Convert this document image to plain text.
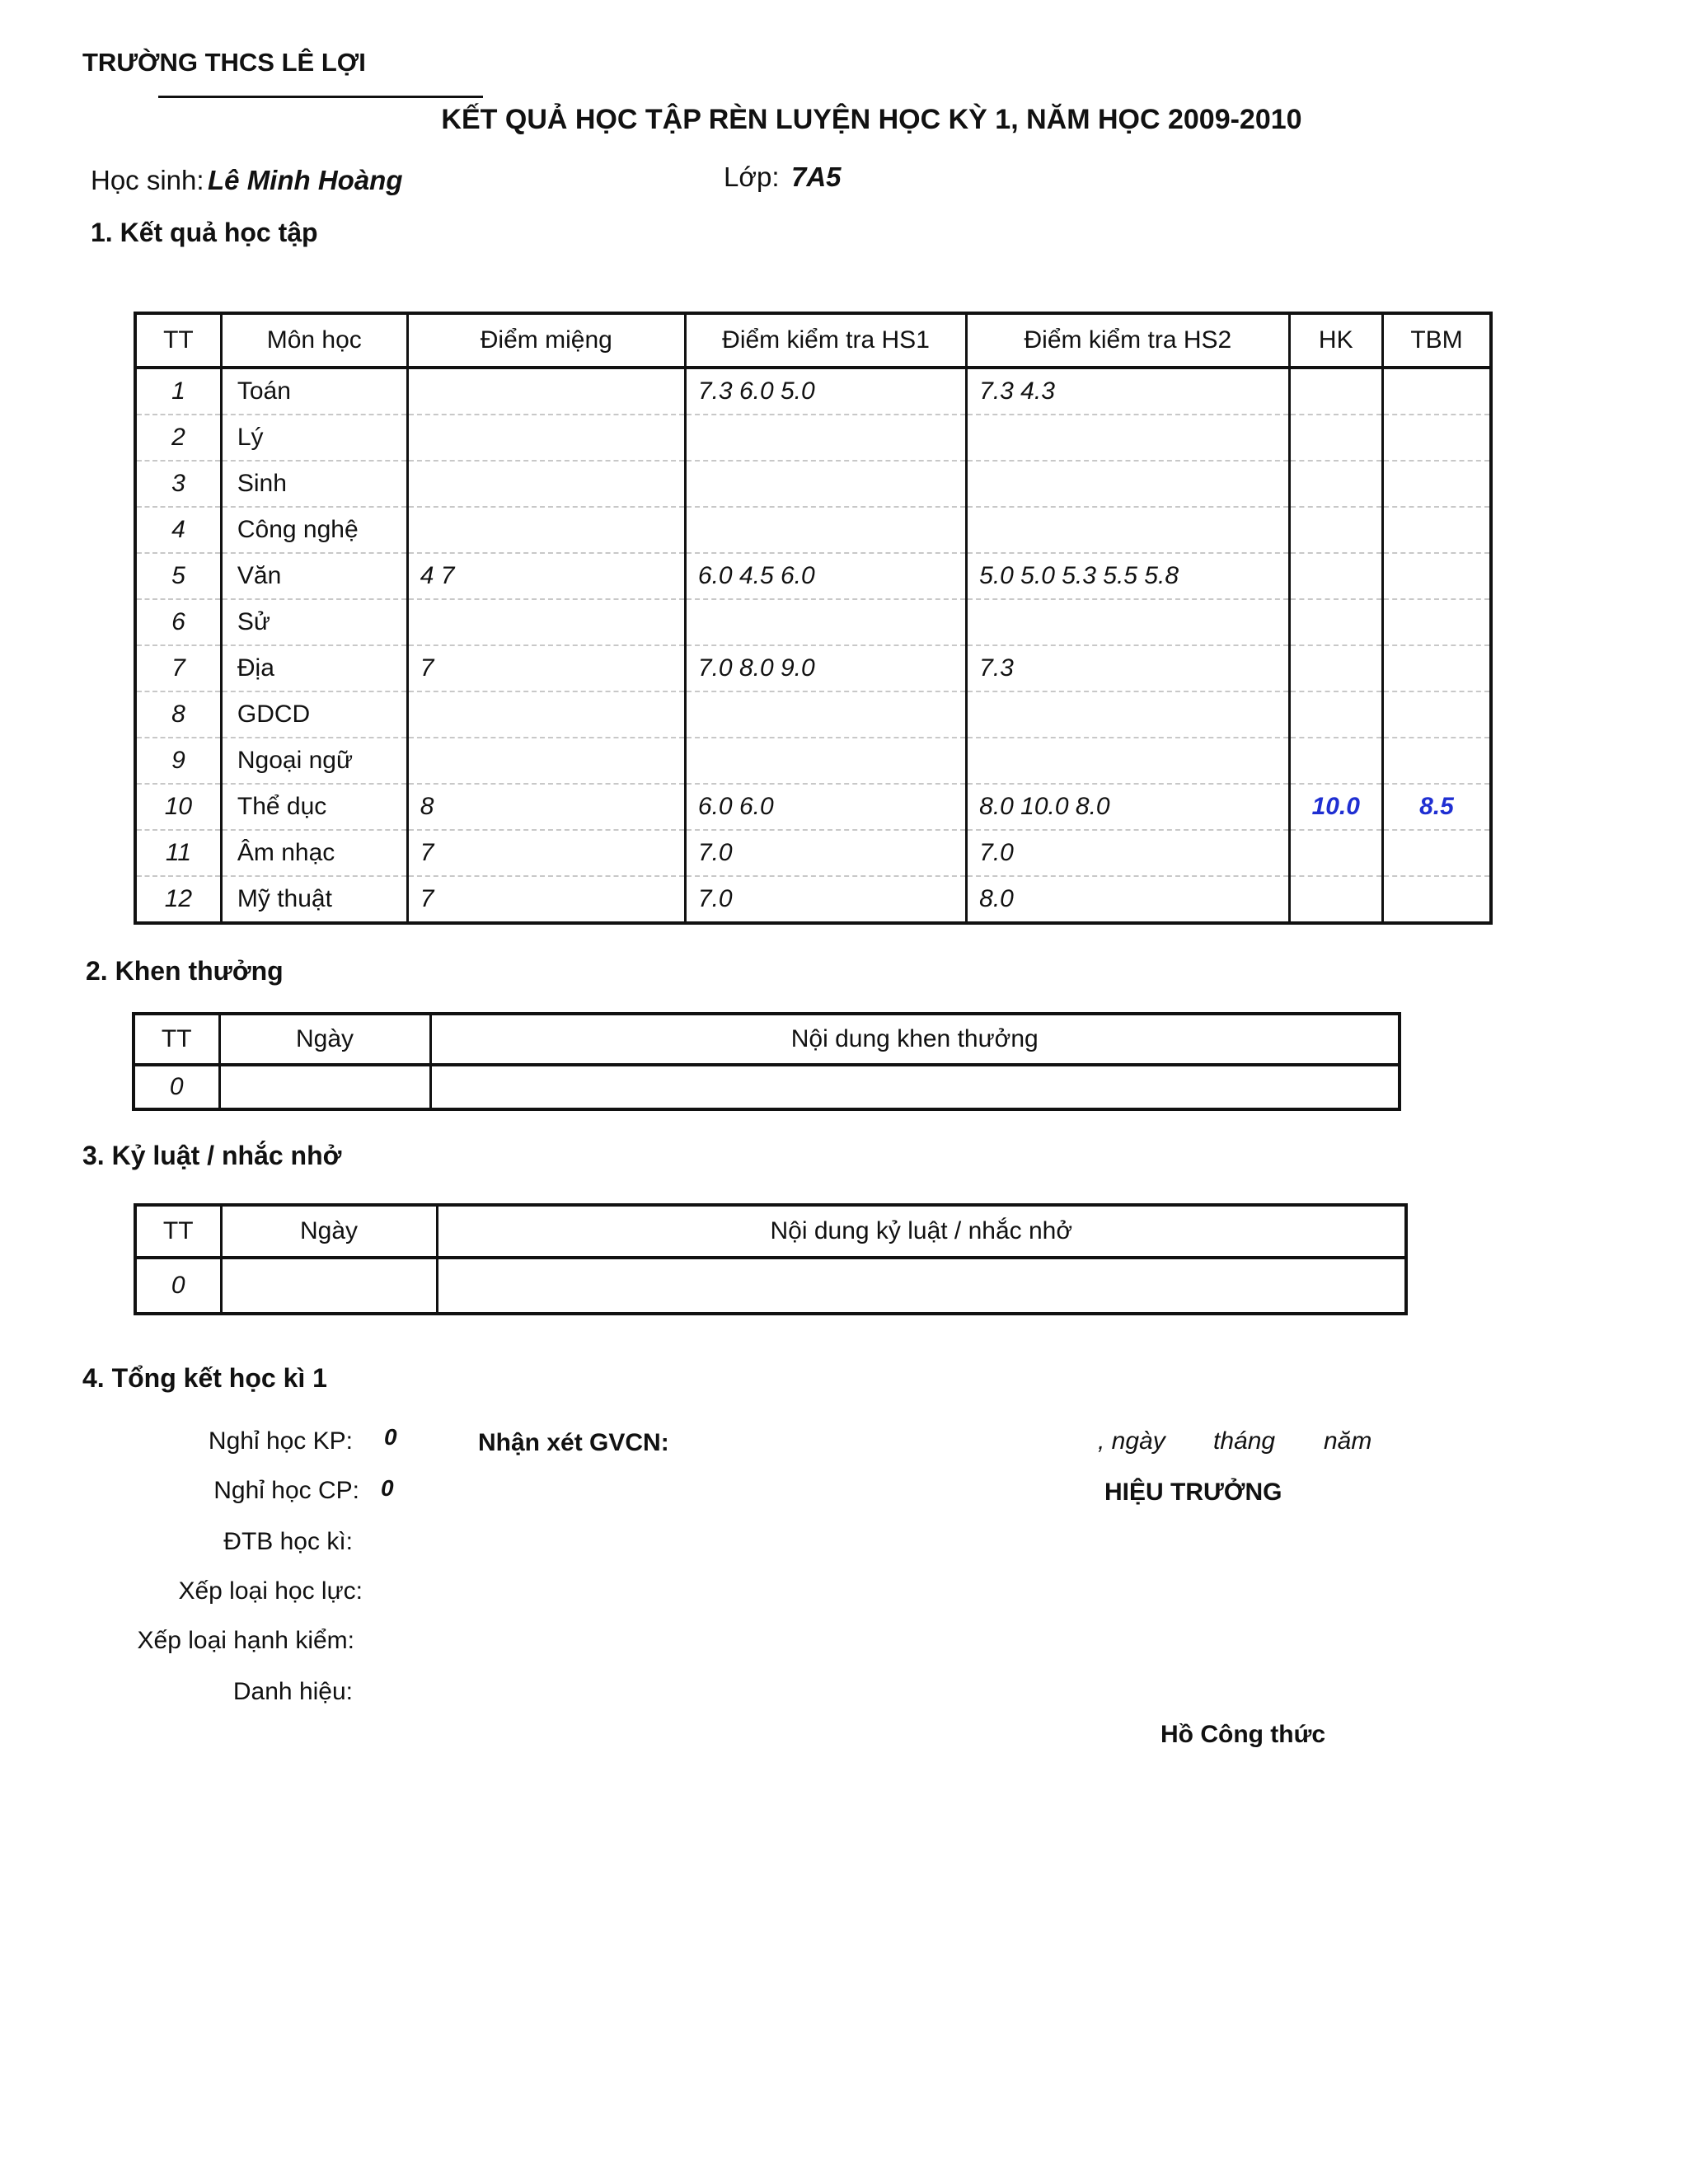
TRƯỜNG THCS LÊ LỢI
KẾT QUẢ HỌC TẬP RÈN LUYỆN HỌC KỲ 1, NĂM HỌC 2009-2010
Học sinh: Lê Minh Hoàng	Lớp: 7A5
1. Kết quả học tập
TT	Môn học	Điểm miệng	Điểm kiểm tra HS1	Điểm kiểm tra HS2	HK	TBM
1	Toán		7.3 6.0 5.0	7.3 4.3		
2	Lý					
3	Sinh					
4	Công nghệ					
5	Văn	4 7	6.0 4.5 6.0	5.0 5.0 5.3 5.5 5.8		
6	Sử					
7	Địa	7	7.0 8.0 9.0	7.3		
8	GDCD					
9	Ngoại ngữ					
10	Thể dục	8	6.0 6.0	8.0 10.0 8.0	10.0	8.5
11	Âm nhạc	7	7.0	7.0		
12	Mỹ thuật	7	7.0	8.0		
2. Khen thưởng
TT	Ngày	Nội dung khen thưởng
0		
3. Kỷ luật / nhắc nhở
TT	Ngày	Nội dung kỷ luật / nhắc nhở
0		
4. Tổng kết học kì 1
Nghỉ học KP: 0
Nghỉ học CP: 0
ĐTB học kì:
Xếp loại học lực:
Xếp loại hạnh kiểm:
Danh hiệu:
Nhận xét GVCN:	, ngày tháng năm
HIỆU TRƯỞNG
Hồ Công thức
